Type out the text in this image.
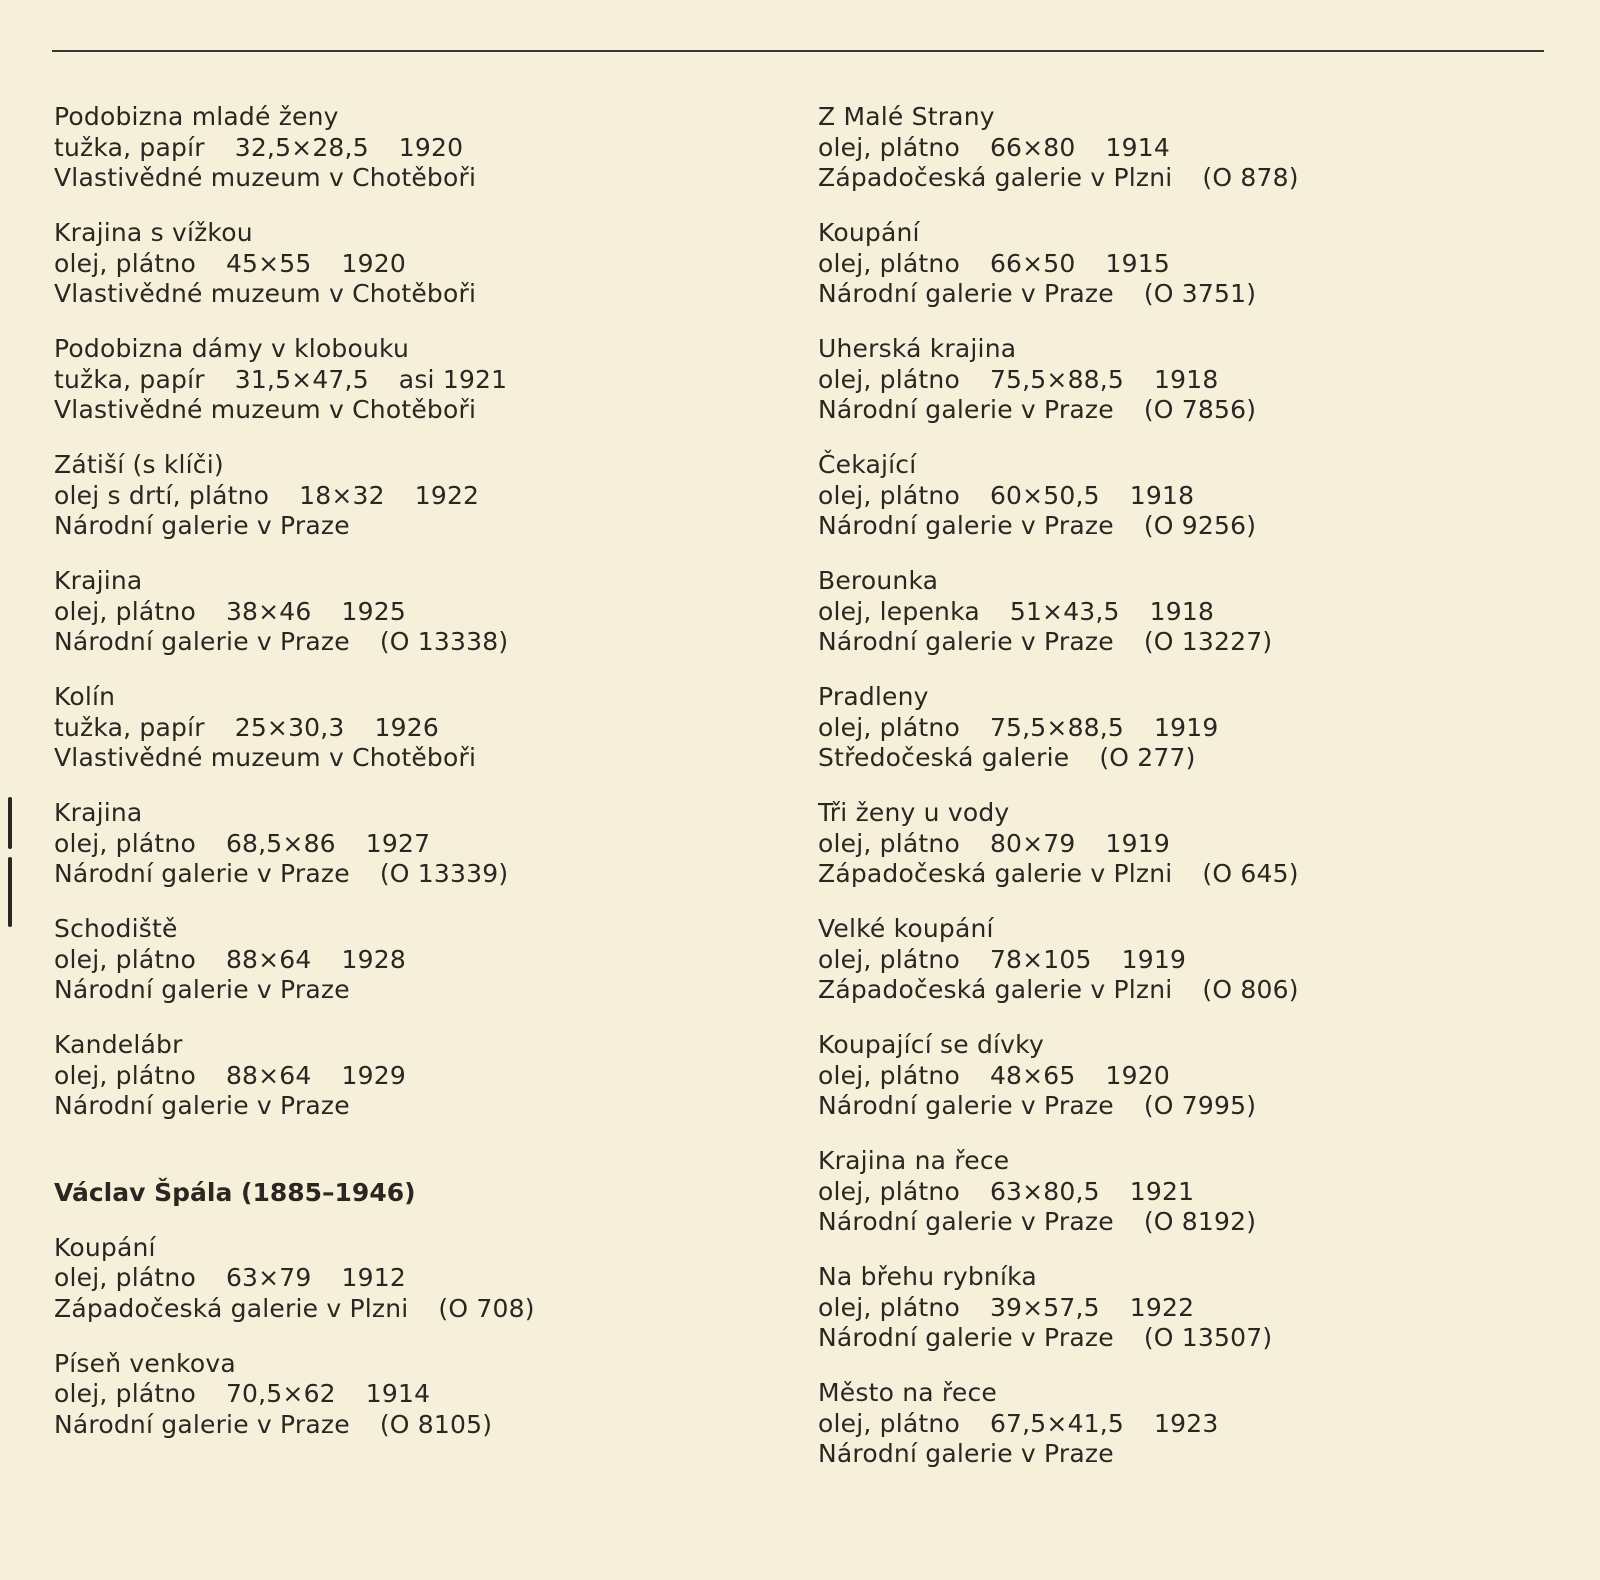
Podobizna mladé ženy
tužka, papír 32,5×28,5 1920
Vlastivědné muzeum v Chotěboři
Krajina s vížkou
olej, plátno 45×55 1920
Vlastivědné muzeum v Chotěboři
Podobizna dámy v klobouku
tužka, papír 31,5×47,5 asi 1921
Vlastivědné muzeum v Chotěboři
Zátiší (s klíči)
olej s drtí, plátno 18×32 1922
Národní galerie v Praze
Krajina
olej, plátno 38×46 1925
Národní galerie v Praze (O 13338)
Kolín
tužka, papír 25×30,3 1926
Vlastivědné muzeum v Chotěboři
Krajina
olej, plátno 68,5×86 1927
Národní galerie v Praze (O 13339)
Schodiště
olej, plátno 88×64 1928
Národní galerie v Praze
Kandelábr
olej, plátno 88×64 1929
Národní galerie v Praze
Václav Špála (1885–1946)
Koupání
olej, plátno 63×79 1912
Západočeská galerie v Plzni (O 708)
Píseň venkova
olej, plátno 70,5×62 1914
Národní galerie v Praze (O 8105)
Z Malé Strany
olej, plátno 66×80 1914
Západočeská galerie v Plzni (O 878)
Koupání
olej, plátno 66×50 1915
Národní galerie v Praze (O 3751)
Uherská krajina
olej, plátno 75,5×88,5 1918
Národní galerie v Praze (O 7856)
Čekající
olej, plátno 60×50,5 1918
Národní galerie v Praze (O 9256)
Berounka
olej, lepenka 51×43,5 1918
Národní galerie v Praze (O 13227)
Pradleny
olej, plátno 75,5×88,5 1919
Středočeská galerie (O 277)
Tři ženy u vody
olej, plátno 80×79 1919
Západočeská galerie v Plzni (O 645)
Velké koupání
olej, plátno 78×105 1919
Západočeská galerie v Plzni (O 806)
Koupající se dívky
olej, plátno 48×65 1920
Národní galerie v Praze (O 7995)
Krajina na řece
olej, plátno 63×80,5 1921
Národní galerie v Praze (O 8192)
Na břehu rybníka
olej, plátno 39×57,5 1922
Národní galerie v Praze (O 13507)
Město na řece
olej, plátno 67,5×41,5 1923
Národní galerie v Praze
